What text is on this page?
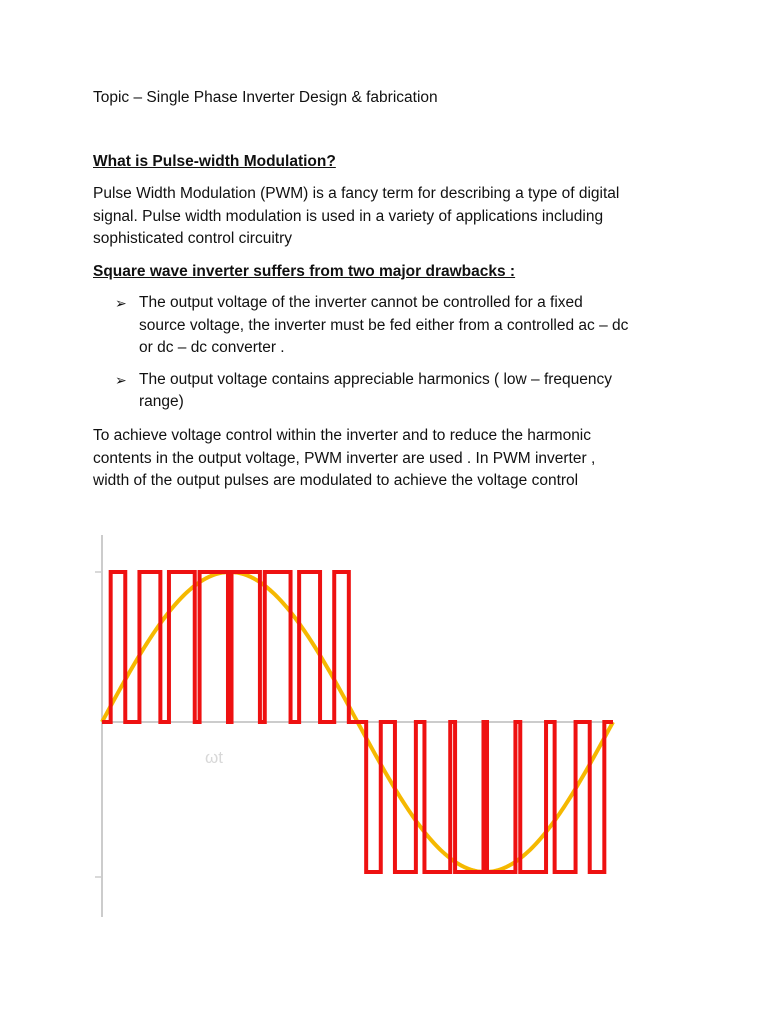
Topic – Single Phase Inverter Design & fabrication
What is Pulse-width Modulation?
Pulse Width Modulation (PWM) is a fancy term for describing a type of digital
signal. Pulse width modulation is used in a variety of applications including
sophisticated control circuitry
Square wave inverter suffers from two major drawbacks :
➢ The output voltage of the inverter cannot be controlled for a fixed
source voltage, the inverter must be fed either from a controlled ac – dc
or dc – dc converter .
➢ The output voltage contains appreciable harmonics ( low – frequency
range)
To achieve voltage control within the inverter and to reduce the harmonic
contents in the output voltage, PWM inverter are used . In PWM inverter ,
width of the output pulses are modulated to achieve the voltage control
ωt
